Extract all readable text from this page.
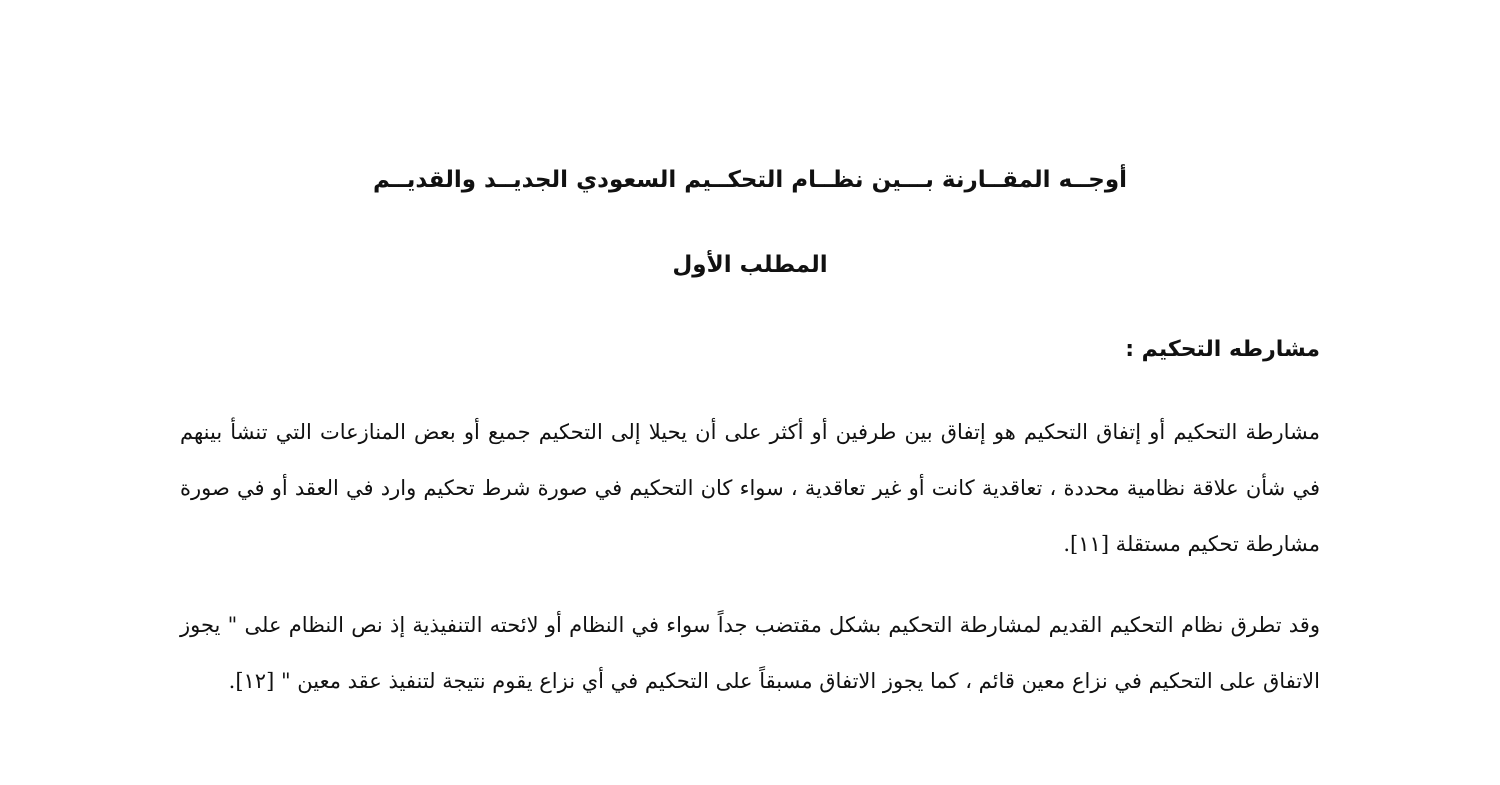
أوجــه المقــارنة بـــين نظــام التحكــيم السعودي الجديــد والقديــم
المطلب الأول
مشارطه التحكيم :

مشارطة التحكيم أو إتفاق التحكيم هو إتفاق بين طرفين أو أكثر على أن يحيلا إلى التحكيم جميع أو بعض المنازعات التي تنشأ بينهم في شأن علاقة نظامية محددة ، تعاقدية كانت أو غير تعاقدية ، سواء كان التحكيم في صورة شرط تحكيم وارد في العقد أو في صورة مشارطة تحكيم مستقلة [١١].

وقد تطرق نظام التحكيم القديم لمشارطة التحكيم بشكل مقتضب جداً سواء في النظام أو لائحته التنفيذية إذ نص النظام على " يجوز الاتفاق على التحكيم في نزاع معين قائم ، كما يجوز الاتفاق مسبقاً على التحكيم في أي نزاع يقوم نتيجة لتنفيذ عقد معين " [١٢].
